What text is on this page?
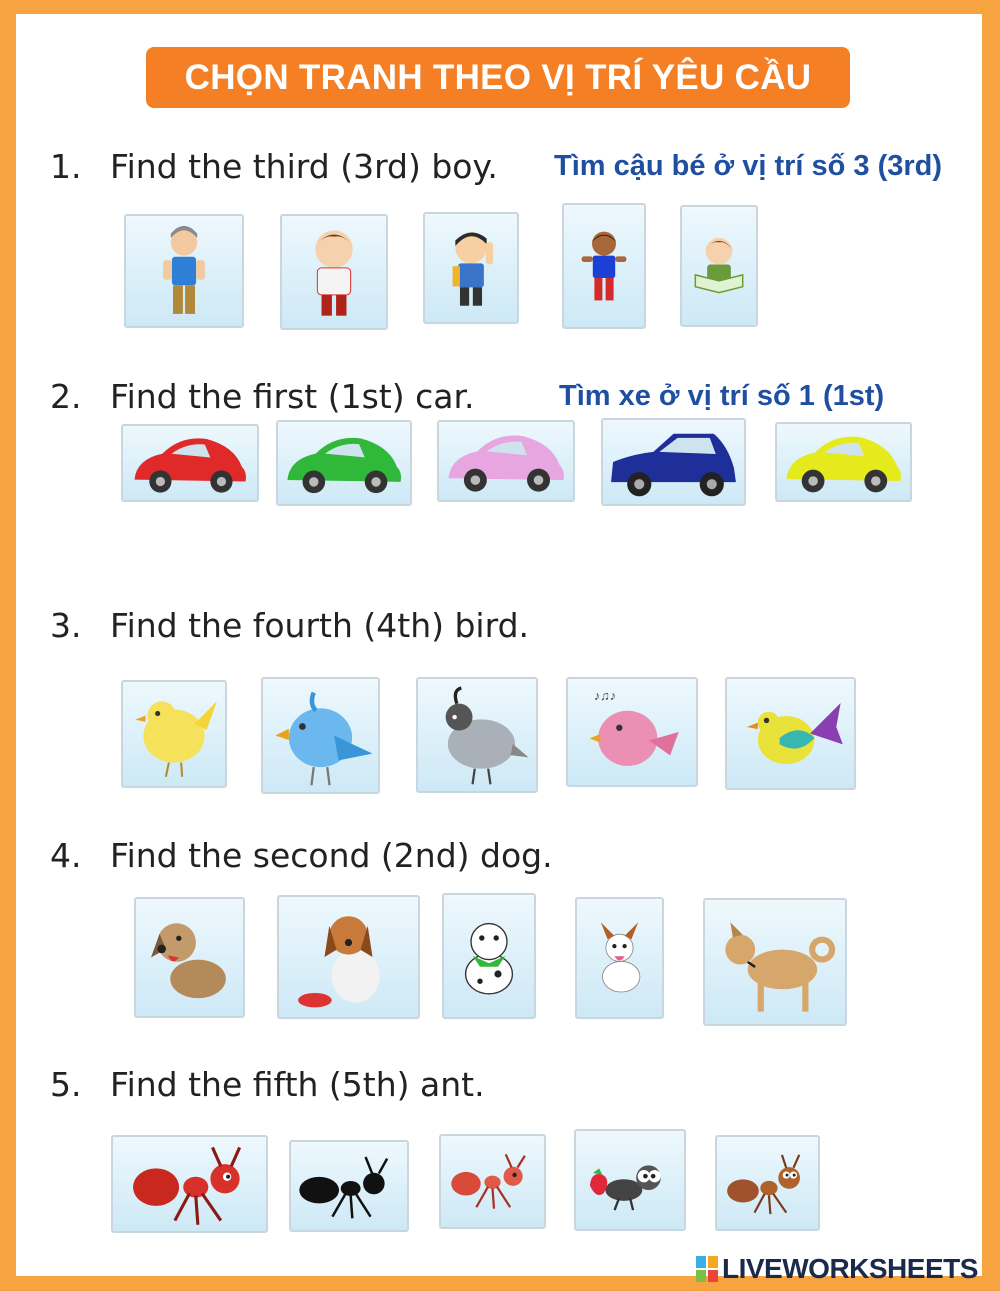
CHỌN TRANH THEO VỊ TRÍ YÊU CẦU
1. Find the third (3rd) boy. Tìm cậu bé ở vị trí số 3 (3rd)
2. Find the first (1st) car.	Tìm xe ở vị trí số 1 (1st)
3. Find the fourth (4th) bird.
♪♫♪
4. Find the second (2nd) dog.
5. Find the fifth (5th) ant.
LIVEWORKSHEETS
